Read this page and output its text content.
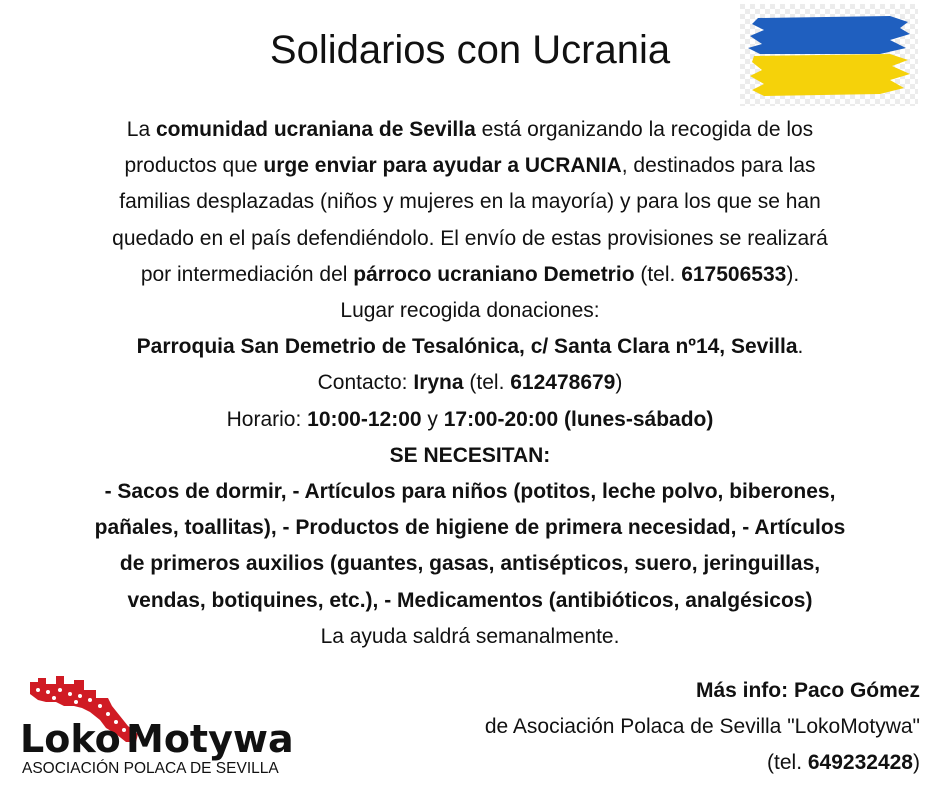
Solidarios con Ucrania
La comunidad ucraniana de Sevilla está organizando la recogida de los
productos que urge enviar para ayudar a UCRANIA, destinados para las
familias desplazadas (niños y mujeres en la mayoría) y para los que se han
quedado en el país defendiéndolo. El envío de estas provisiones se realizará
por intermediación del párroco ucraniano Demetrio (tel. 617506533).
Lugar recogida donaciones:
Parroquia San Demetrio de Tesalónica, c/ Santa Clara nº14, Sevilla.
Contacto: Iryna (tel. 612478679)
Horario: 10:00-12:00 y 17:00-20:00 (lunes-sábado)
SE NECESITAN:
- Sacos de dormir, - Artículos para niños (potitos, leche polvo, biberones,
pañales, toallitas), - Productos de higiene de primera necesidad, - Artículos
de primeros auxilios (guantes, gasas, antisépticos, suero, jeringuillas,
vendas, botiquines, etc.), - Medicamentos (antibióticos, analgésicos)
La ayuda saldrá semanalmente.
Más info: Paco Gómez
de Asociación Polaca de Sevilla "LokoMotywa"
(tel. 649232428)
Loko Motywa
ASOCIACIÓN POLACA DE SEVILLA
